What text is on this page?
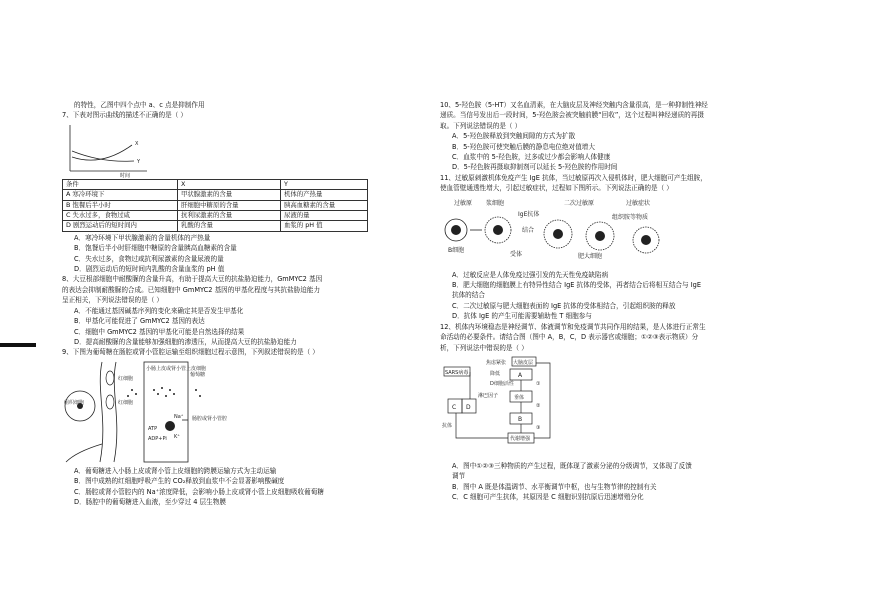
的特性，乙图中四个点中 a、c 点是抑制作用

7、下表对图示曲线的描述不正确的是（ ）

X
Y
时间
条件	X	Y
A 寒冷环境下	甲状腺激素的含量	机体的产热量
B 饱餐后半小时	肝细胞中糖原的含量	胰高血糖素的含量
C 失水过多，食物过咸	抗利尿激素的含量	尿液的量
D 剧烈运动后的短时间内	乳酸的含量	血浆的 pH 值

A．寒冷环境下甲状腺激素的含量机体的产热量

B．饱餐后半小时肝细胞中糖原的含量胰高血糖素的含量

C．失水过多，食物过咸抗利尿激素的含量尿液的量

D．剧烈运动后的短时间内乳酸的含量血浆的 pH 值

8、大豆根部细胞中耐酸脲的含量升高，有助于提高大豆的抗盐胁迫能力，GmMYC2 基因

的表达会抑制耐酸脲的合成。已知细胞中 GmMYC2 基因的甲基化程度与其抗盐胁迫能力

呈正相关，下列说法错误的是（ ）

A．不能通过基因碱基序列的变化来确定其是否发生甲基化

B．甲基化可能促进了 GmMYC2 基因的表达

C．细胞中 GmMYC2 基因的甲基化可能是自然选择的结果

D．提高耐酸脲的含量能够加强细胞的渗透压，从而提高大豆的抗盐胁迫能力

9、下图为葡萄糖在肠腔或肾小管腔运输至组织细胞过程示意图，下列叙述错误的是（ ）

组织细胞
红细胞
红细胞
小肠上皮或肾小管上皮细胞
葡萄糖
肠腔或肾小管腔
Na⁺
K⁺
ATP
ADP+Pi

A．葡萄糖进入小肠上皮或肾小管上皮细胞的跨膜运输方式为主动运输

B．图中成熟的红细胞呼吸产生的 CO₂释放到血浆中不会显著影响酸碱度

C．肠腔或肾小管腔内的 Na⁺浓度降低，会影响小肠上皮或肾小管上皮细胞吸收葡萄糖

D．肠腔中的葡萄糖进入血液，至少穿过 4 层生物膜

10、5-羟色胺（5-HT）又名血清素，在大脑皮层及神经突触内含量很高，是一种抑制性神经

递质。当信号发出后一段时间，5-羟色胺会被突触前膜“回收”，这个过程叫神经递质的再摄

取。下列说法错误的是（ ）

A．5-羟色胺释放到突触间隙的方式为扩散

B．5-羟色胺可使突触后膜的静息电位绝对值增大

C．血浆中的 5-羟色胺，过多或过少都会影响人体健康

D．5-羟色胺再摄取抑制剂可以延长 5-羟色胺的作用时间

11、过敏原刺激机体免疫产生 IgE 抗体，当过敏原再次入侵机体时，肥大细胞可产生组胺，

使血管壁通透性增大，引起过敏症状，过程如下图所示。下列说法正确的是（ ）

过敏原
B细胞
浆细胞
IgE抗体
结合
受体
二次过敏原
肥大细胞
过敏症状
组织胺等物质

A．过敏反应是人体免疫过强引发的先天性免疫缺陷病

B．肥大细胞的细胞膜上有特异性结合 IgE 抗体的受体，再者结合后将相互结合与 IgE

抗体的结合

C．二次过敏原与肥大细胞表面的 IgE 抗体的受体相结合，引起组织胺的释放

D．抗体 IgE 的产生可能需要辅助性 T 细胞参与

12、机体内环境稳态是神经调节、体液调节和免疫调节共同作用的结果，是人体进行正常生

命活动的必要条件。请结合图（图中 A，B，C，D 表示器官或细胞；①②③表示物质）分

析，下列说法中错误的是（ ）

大脑皮层
焦虑紧张
SARS病毒	降低
D细胞活性
A
①
垂体
②
B
③
C D
淋巴因子
抗体
代谢增强

A．图中①②③三种物质的产生过程，既体现了激素分泌的分级调节，又体现了反馈

调节

B．图中 A 既是体温调节、水平衡调节中枢，也与生物节律的控制有关

C．C 细胞可产生抗体，其原因是 C 细胞识别抗原后迅速增殖分化
